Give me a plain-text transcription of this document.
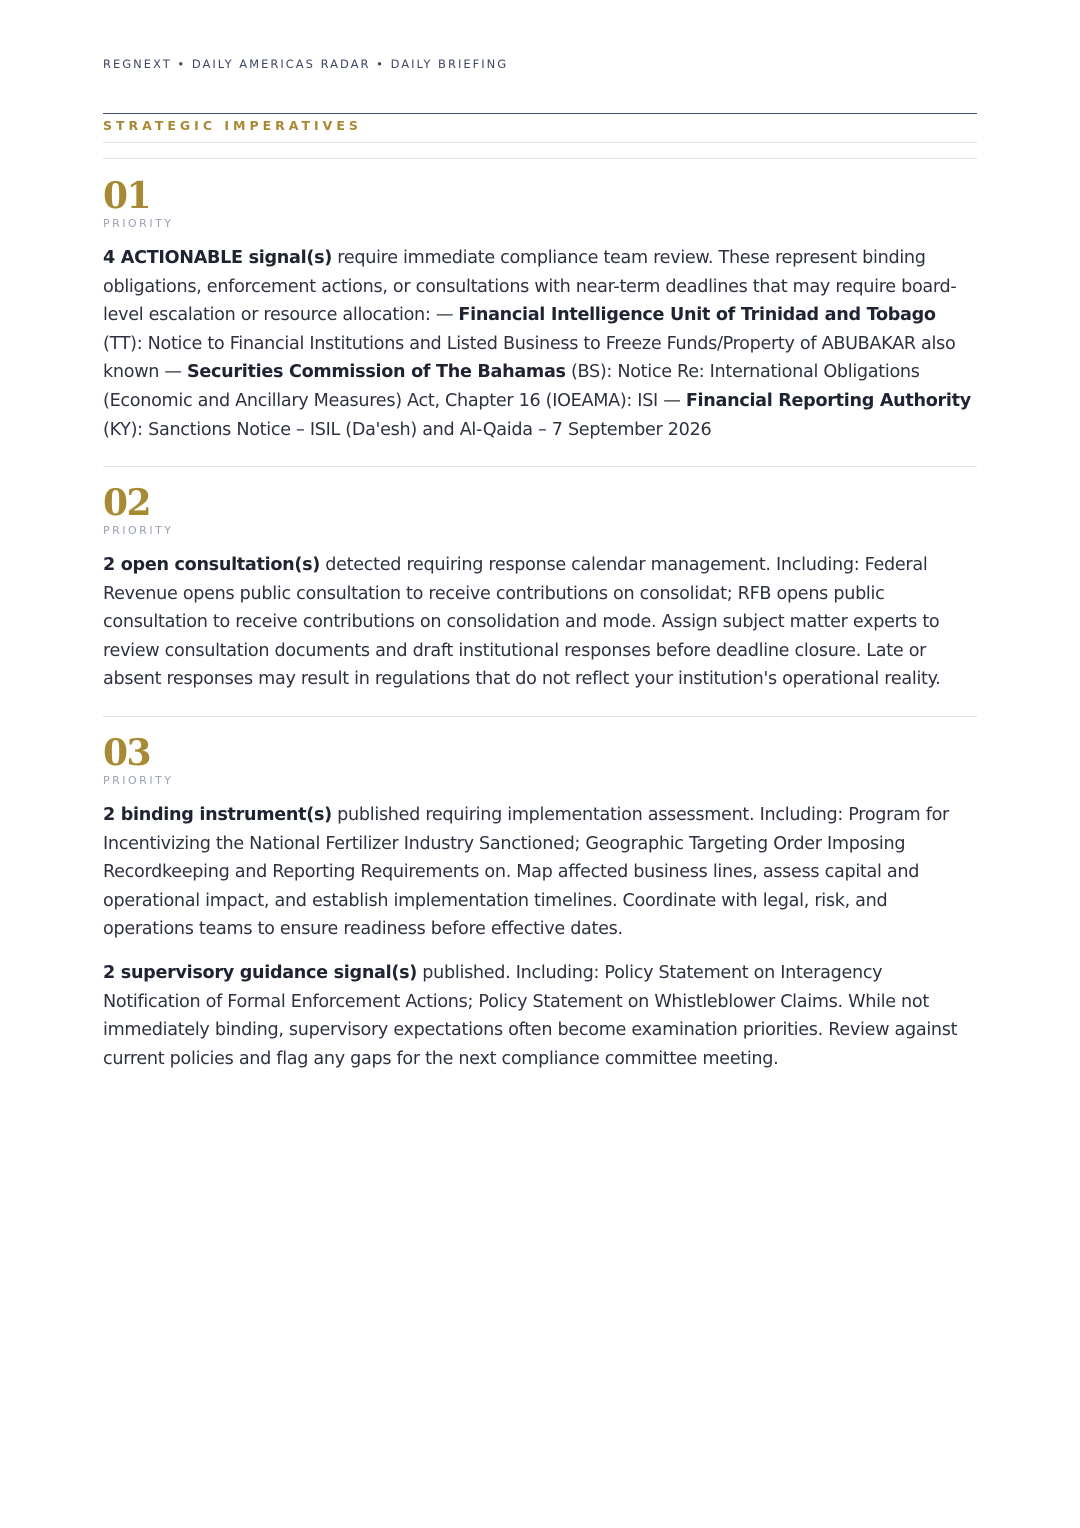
REGNEXT • DAILY AMERICAS RADAR • DAILY BRIEFING
STRATEGIC IMPERATIVES
01
PRIORITY

4 ACTIONABLE signal(s) require immediate compliance team review. These represent binding obligations, enforcement actions, or consultations with near-term deadlines that may require board-level escalation or resource allocation: — Financial Intelligence Unit of Trinidad and Tobago (TT): Notice to Financial Institutions and Listed Business to Freeze Funds/Property of ABUBAKAR also known — Securities Commission of The Bahamas (BS): Notice Re: International Obligations (Economic and Ancillary Measures) Act, Chapter 16 (IOEAMA): ISI — Financial Reporting Authority (KY): Sanctions Notice – ISIL (Da'esh) and Al-Qaida – 7 September 2026

02
PRIORITY

2 open consultation(s) detected requiring response calendar management. Including: Federal Revenue opens public consultation to receive contributions on consolidat; RFB opens public consultation to receive contributions on consolidation and mode. Assign subject matter experts to review consultation documents and draft institutional responses before deadline closure. Late or absent responses may result in regulations that do not reflect your institution's operational reality.

03
PRIORITY

2 binding instrument(s) published requiring implementation assessment. Including: Program for Incentivizing the National Fertilizer Industry Sanctioned; Geographic Targeting Order Imposing Recordkeeping and Reporting Requirements on. Map affected business lines, assess capital and operational impact, and establish implementation timelines. Coordinate with legal, risk, and operations teams to ensure readiness before effective dates.

2 supervisory guidance signal(s) published. Including: Policy Statement on Interagency Notification of Formal Enforcement Actions; Policy Statement on Whistleblower Claims. While not immediately binding, supervisory expectations often become examination priorities. Review against current policies and flag any gaps for the next compliance committee meeting.
